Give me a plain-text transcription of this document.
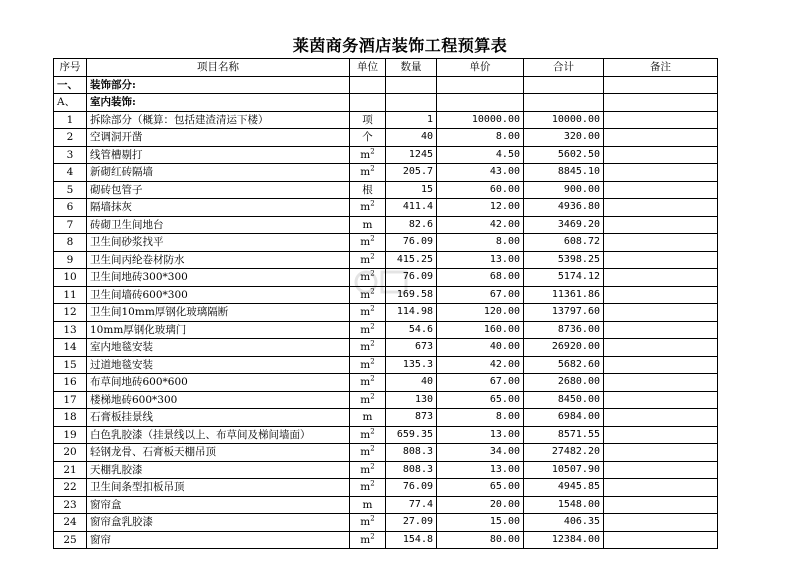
莱茵商务酒店装饰工程预算表
序号	项目名称	单位	数量	单价	合计	备注
一、	装饰部分:					
A、	室内装饰:					
1	拆除部分（概算：包括建渣清运下楼）	项	1	10000.00	10000.00	
2	空调洞开凿	个	40	8.00	320.00	
3	线管槽剔打	$m^2$	1245	4.50	5602.50	
4	新砌红砖隔墙	$m^2$	205.7	43.00	8845.10	
5	砌砖包管子	根	15	60.00	900.00	
6	隔墙抹灰	$m^2$	411.4	12.00	4936.80	
7	砖砌卫生间地台	m	82.6	42.00	3469.20	
8	卫生间砂浆找平	$m^2$	76.09	8.00	608.72	
9	卫生间丙纶卷材防水	$m^2$	415.25	13.00	5398.25	
10	卫生间地砖300*300	$m^2$	76.09	68.00	5174.12	
11	卫生间墙砖600*300	$m^2$	169.58	67.00	11361.86	
12	卫生间10mm厚钢化玻璃隔断	$m^2$	114.98	120.00	13797.60	
13	10mm厚钢化玻璃门	$m^2$	54.6	160.00	8736.00	
14	室内地毯安装	$m^2$	673	40.00	26920.00	
15	过道地毯安装	$m^2$	135.3	42.00	5682.60	
16	布草间地砖600*600	$m^2$	40	67.00	2680.00	
17	楼梯地砖600*300	$m^2$	130	65.00	8450.00	
18	石膏板挂景线	m	873	8.00	6984.00	
19	白色乳胶漆（挂景线以上、布草间及梯间墙面）	$m^2$	659.35	13.00	8571.55	
20	轻钢龙骨、石膏板天棚吊顶	$m^2$	808.3	34.00	27482.20	
21	天棚乳胶漆	$m^2$	808.3	13.00	10507.90	
22	卫生间条型扣板吊顶	$m^2$	76.09	65.00	4945.85	
23	窗帘盒	m	77.4	20.00	1548.00	
24	窗帘盒乳胶漆	$m^2$	27.09	15.00	406.35	
25	窗帘	$m^2$	154.8	80.00	12384.00	
